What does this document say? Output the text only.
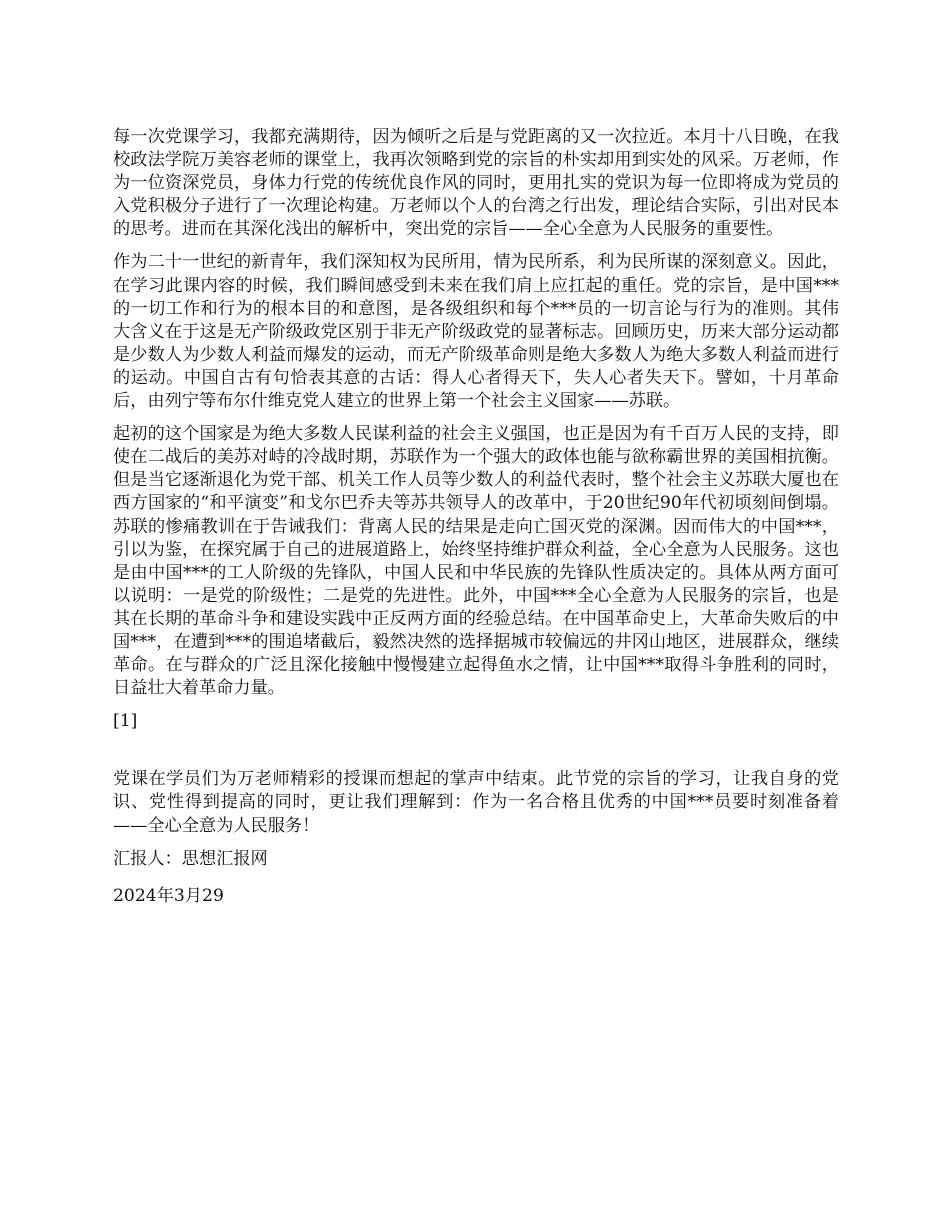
每一次党课学习，我都充满期待，因为倾听之后是与党距离的又一次拉近。本月十八日晚，在我校政法学院万美容老师的课堂上，我再次领略到党的宗旨的朴实却用到实处的风采。万老师，作为一位资深党员，身体力行党的传统优良作风的同时，更用扎实的党识为每一位即将成为党员的入党积极分子进行了一次理论构建。万老师以个人的台湾之行出发，理论结合实际，引出对民本的思考。进而在其深化浅出的解析中，突出党的宗旨——全心全意为人民服务的重要性。

作为二十一世纪的新青年，我们深知权为民所用，情为民所系，利为民所谋的深刻意义。因此，在学习此课内容的时候，我们瞬间感受到未来在我们肩上应扛起的重任。党的宗旨，是中国***的一切工作和行为的根本目的和意图，是各级组织和每个***员的一切言论与行为的准则。其伟大含义在于这是无产阶级政党区别于非无产阶级政党的显著标志。回顾历史，历来大部分运动都是少数人为少数人利益而爆发的运动，而无产阶级革命则是绝大多数人为绝大多数人利益而进行的运动。中国自古有句恰表其意的古话：得人心者得天下，失人心者失天下。譬如，十月革命后，由列宁等布尔什维克党人建立的世界上第一个社会主义国家——苏联。

起初的这个国家是为绝大多数人民谋利益的社会主义强国，也正是因为有千百万人民的支持，即使在二战后的美苏对峙的冷战时期，苏联作为一个强大的政体也能与欲称霸世界的美国相抗衡。但是当它逐渐退化为党干部、机关工作人员等少数人的利益代表时，整个社会主义苏联大厦也在西方国家的“和平演变”和戈尔巴乔夫等苏共领导人的改革中，于20世纪90年代初顷刻间倒塌。苏联的惨痛教训在于告诫我们：背离人民的结果是走向亡国灭党的深渊。因而伟大的中国***，引以为鉴，在探究属于自己的进展道路上，始终坚持维护群众利益，全心全意为人民服务。这也是由中国***的工人阶级的先锋队，中国人民和中华民族的先锋队性质决定的。具体从两方面可以说明：一是党的阶级性；二是党的先进性。此外，中国***全心全意为人民服务的宗旨，也是其在长期的革命斗争和建设实践中正反两方面的经验总结。在中国革命史上，大革命失败后的中国***，在遭到***的围追堵截后，毅然决然的选择据城市较偏远的井冈山地区，进展群众，继续革命。在与群众的广泛且深化接触中慢慢建立起得鱼水之情，让中国***取得斗争胜利的同时，日益壮大着革命力量。

[1]

党课在学员们为万老师精彩的授课而想起的掌声中结束。此节党的宗旨的学习，让我自身的党识、党性得到提高的同时，更让我们理解到：作为一名合格且优秀的中国***员要时刻准备着——全心全意为人民服务！

汇报人：思想汇报网

2024年3月29
